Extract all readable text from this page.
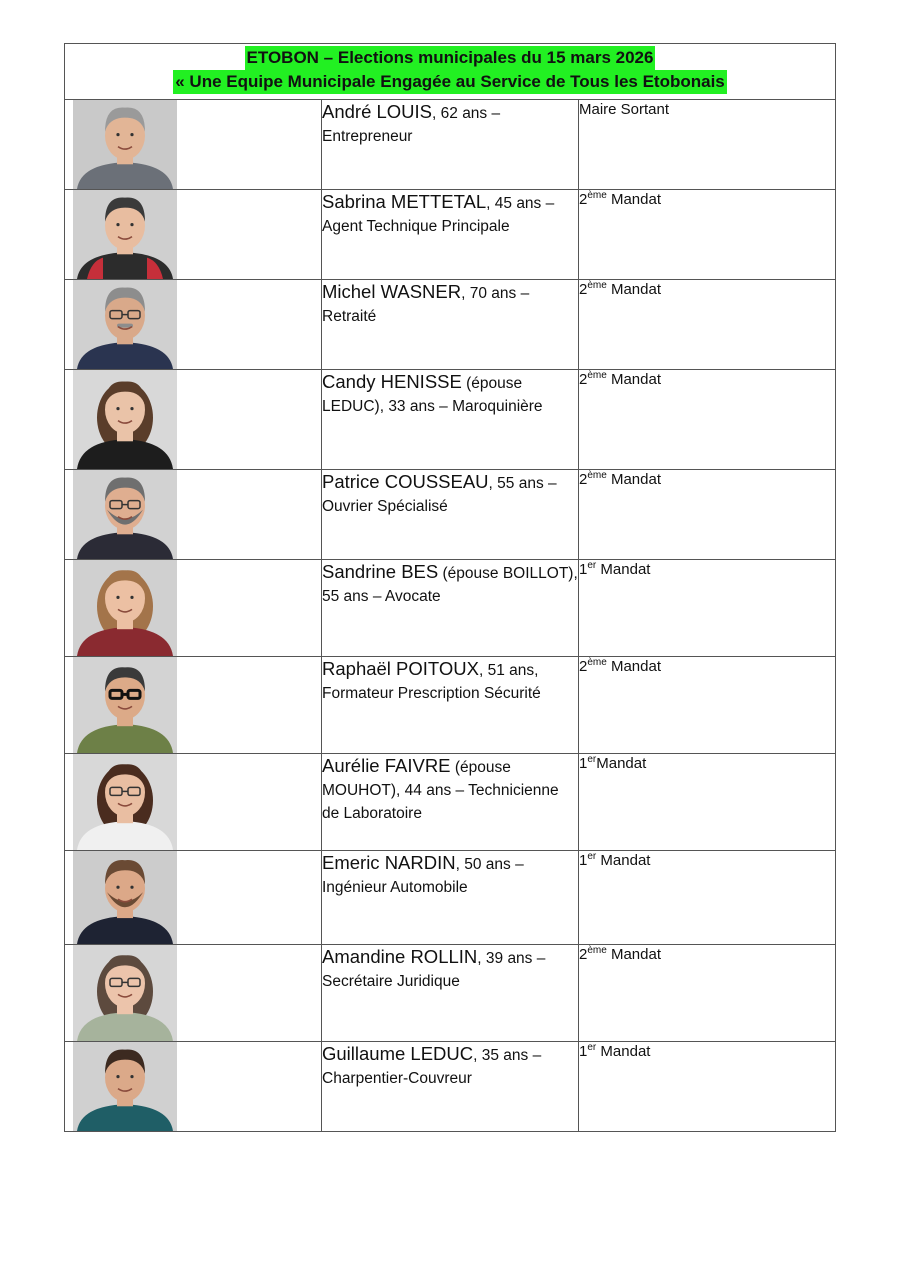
ETOBON – Elections municipales du 15 mars 2026
« Une Equipe Municipale Engagée au Service de Tous les Etobonais		

André LOUIS, 62 ans – Entrepreneur	Maire Sortant

Sabrina METTETAL, 45 ans – Agent Technique Principale	2ème Mandat

Michel WASNER, 70 ans – Retraité	2ème Mandat

Candy HENISSE (épouse LEDUC), 33 ans – Maroquinière	2ème Mandat

Patrice COUSSEAU, 55 ans – Ouvrier Spécialisé	2ème Mandat

Sandrine BES (épouse BOILLOT), 55 ans – Avocate	1er Mandat

Raphaël POITOUX, 51 ans, Formateur Prescription Sécurité	2ème Mandat

Aurélie FAIVRE (épouse MOUHOT), 44 ans – Technicienne de Laboratoire	1erMandat

Emeric NARDIN, 50 ans – Ingénieur Automobile	1er Mandat

Amandine ROLLIN, 39 ans – Secrétaire Juridique	2ème Mandat

Guillaume LEDUC, 35 ans – Charpentier-Couvreur	1er Mandat
